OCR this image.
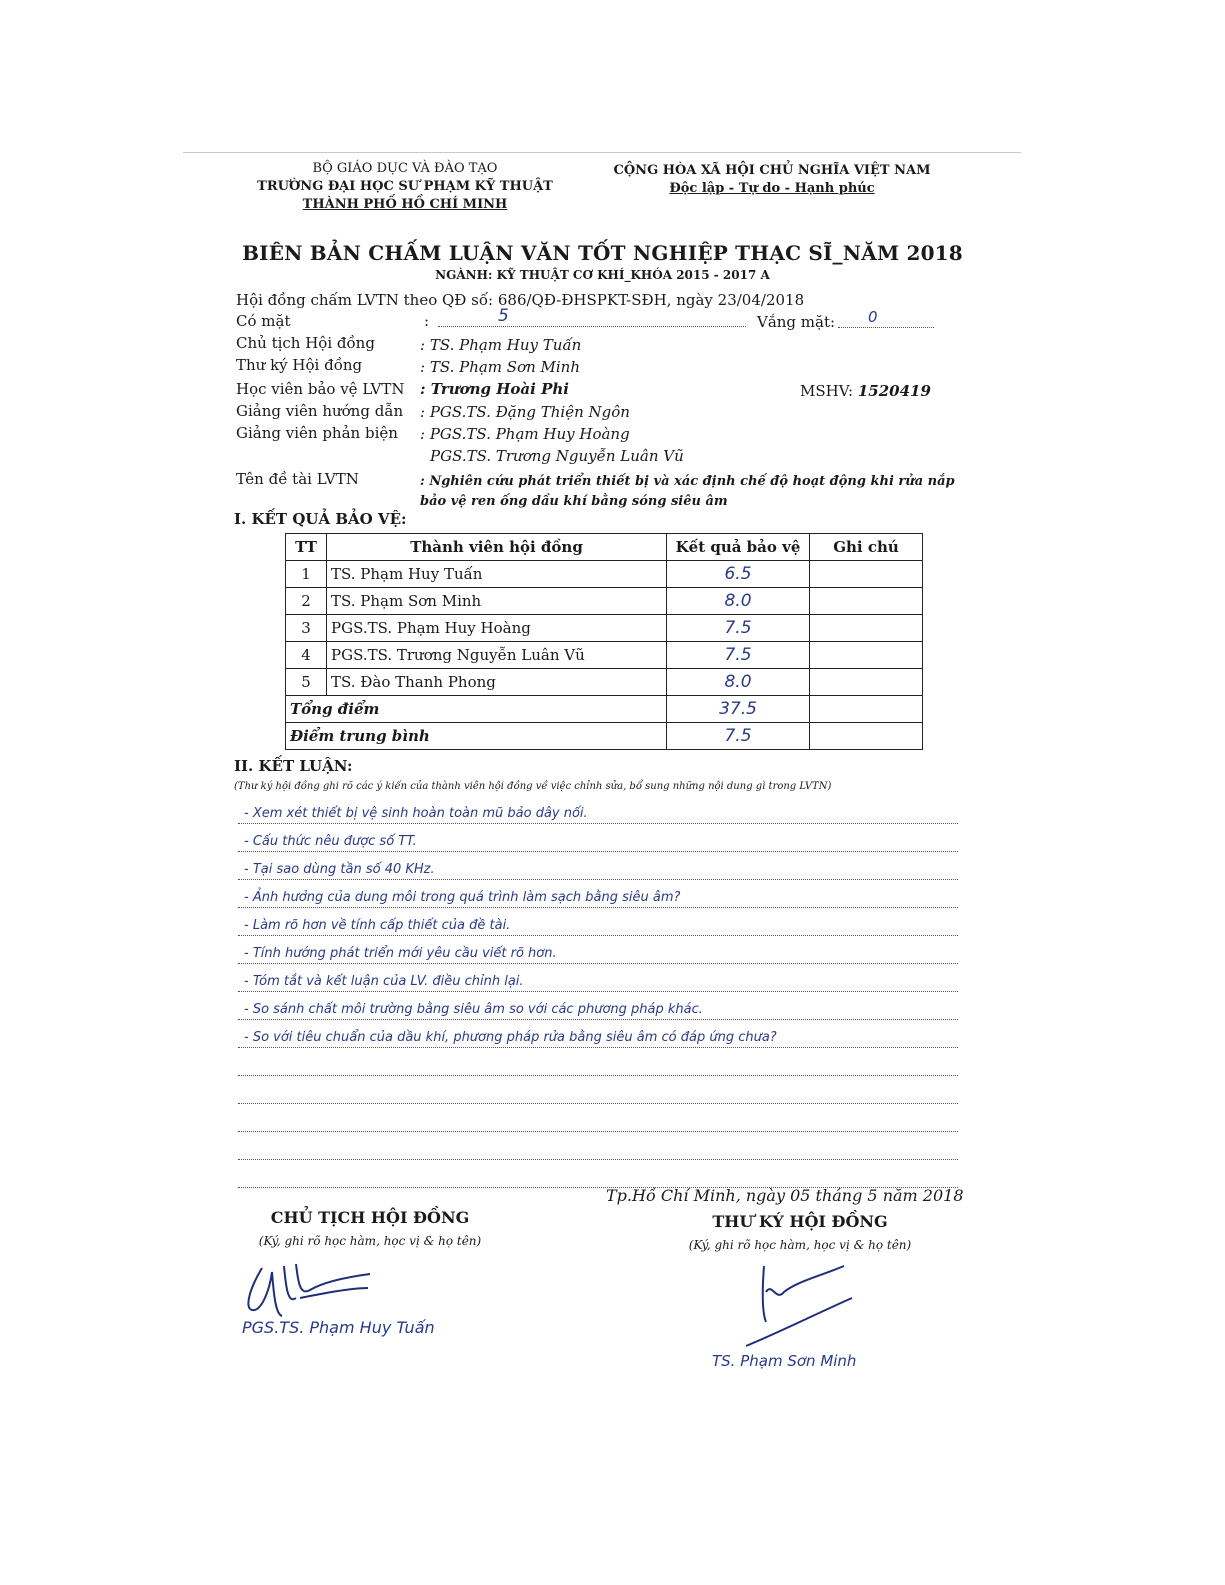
BỘ GIÁO DỤC VÀ ĐÀO TẠO
TRƯỜNG ĐẠI HỌC SƯ PHẠM KỸ THUẬT
THÀNH PHỐ HỒ CHÍ MINH
CỘNG HÒA XÃ HỘI CHỦ NGHĨA VIỆT NAM
Độc lập - Tự do - Hạnh phúc
BIÊN BẢN CHẤM LUẬN VĂN TỐT NGHIỆP THẠC SĨ_NĂM 2018
NGÀNH: KỸ THUẬT CƠ KHÍ_KHÓA 2015 - 2017 A
Hội đồng chấm LVTN theo QĐ số: 686/QĐ-ĐHSPKT-SĐH, ngày 23/04/2018
Có mặt	:	5	Vắng mặt: 0
Chủ tịch Hội đồng	: TS. Phạm Huy Tuấn
Thư ký Hội đồng	: TS. Phạm Sơn Minh
Học viên bảo vệ LVTN : Trương Hoài Phi	MSHV: 1520419
Giảng viên hướng dẫn : PGS.TS. Đặng Thiện Ngôn
Giảng viên phản biện : PGS.TS. Phạm Huy Hoàng
PGS.TS. Trương Nguyễn Luân Vũ
Tên đề tài LVTN	: Nghiên cứu phát triển thiết bị và xác định chế độ hoạt động khi rửa nắp bảo vệ ren ống dầu khí bằng sóng siêu âm
I. KẾT QUẢ BẢO VỆ:
TT	Thành viên hội đồng	Kết quả bảo vệ	Ghi chú
1	TS. Phạm Huy Tuấn	6.5	
2	TS. Phạm Sơn Minh	8.0	
3	PGS.TS. Phạm Huy Hoàng	7.5	
4	PGS.TS. Trương Nguyễn Luân Vũ	7.5	
5	TS. Đào Thanh Phong	8.0	
Tổng điểm		37.5	
Điểm trung bình		7.5	
II. KẾT LUẬN:
(Thư ký hội đồng ghi rõ các ý kiến của thành viên hội đồng về việc chỉnh sửa, bổ sung những nội dung gì trong LVTN)
- Xem xét thiết bị vệ sinh hoàn toàn mũ bảo dây nối.
- Cấu thức nêu được số TT.
- Tại sao dùng tần số 40 KHz.
- Ảnh hưởng của dung môi trong quá trình làm sạch bằng siêu âm?
- Làm rõ hơn về tính cấp thiết của đề tài.
- Tính hướng phát triển mới yêu cầu viết rõ hơn.
- Tóm tắt và kết luận của LV. điều chỉnh lại.
- So sánh chất môi trường bằng siêu âm so với các phương pháp khác.
- So với tiêu chuẩn của dầu khí, phương pháp rửa bằng siêu âm có đáp ứng chưa?
Tp.Hồ Chí Minh, ngày 05 tháng 5 năm 2018
CHỦ TỊCH HỘI ĐỒNG
(Ký, ghi rõ học hàm, học vị & họ tên)
THƯ KÝ HỘI ĐỒNG
(Ký, ghi rõ học hàm, học vị & họ tên)
PGS.TS. Phạm Huy Tuấn
TS. Phạm Sơn Minh
